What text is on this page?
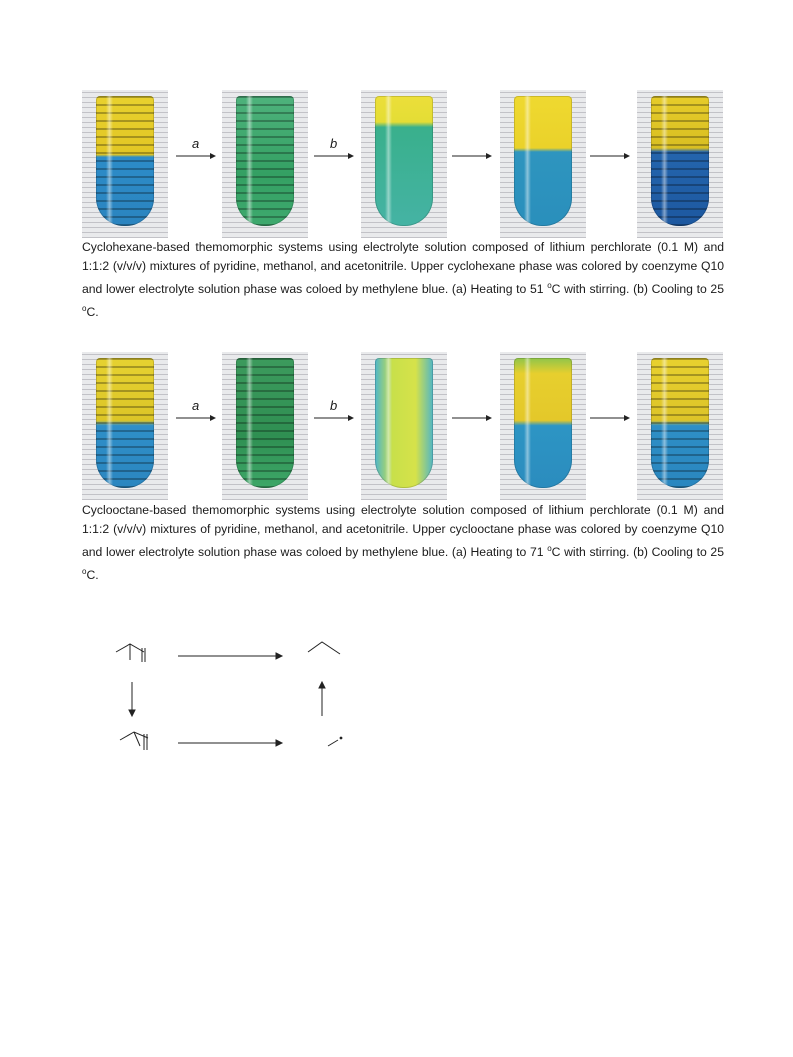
a	b

Cyclohexane-based themomorphic systems using electrolyte solution composed of lithium perchlorate (0.1 M) and 1:1:2 (v/v/v) mixtures of pyridine, methanol, and acetonitrile. Upper cyclohexane phase was colored by coenzyme Q10 and lower electrolyte solution phase was coloed by methylene blue. (a) Heating to 51 $^o$C with stirring. (b) Cooling to 25 $^o$C.

a	b

Cyclooctane-based themomorphic systems using electrolyte solution composed of lithium perchlorate (0.1 M) and 1:1:2 (v/v/v) mixtures of pyridine, methanol, and acetonitrile. Upper cyclooctane phase was colored by coenzyme Q10 and lower electrolyte solution phase was coloed by methylene blue. (a) Heating to 71 $^o$C with stirring. (b) Cooling to 25 $^o$C.
